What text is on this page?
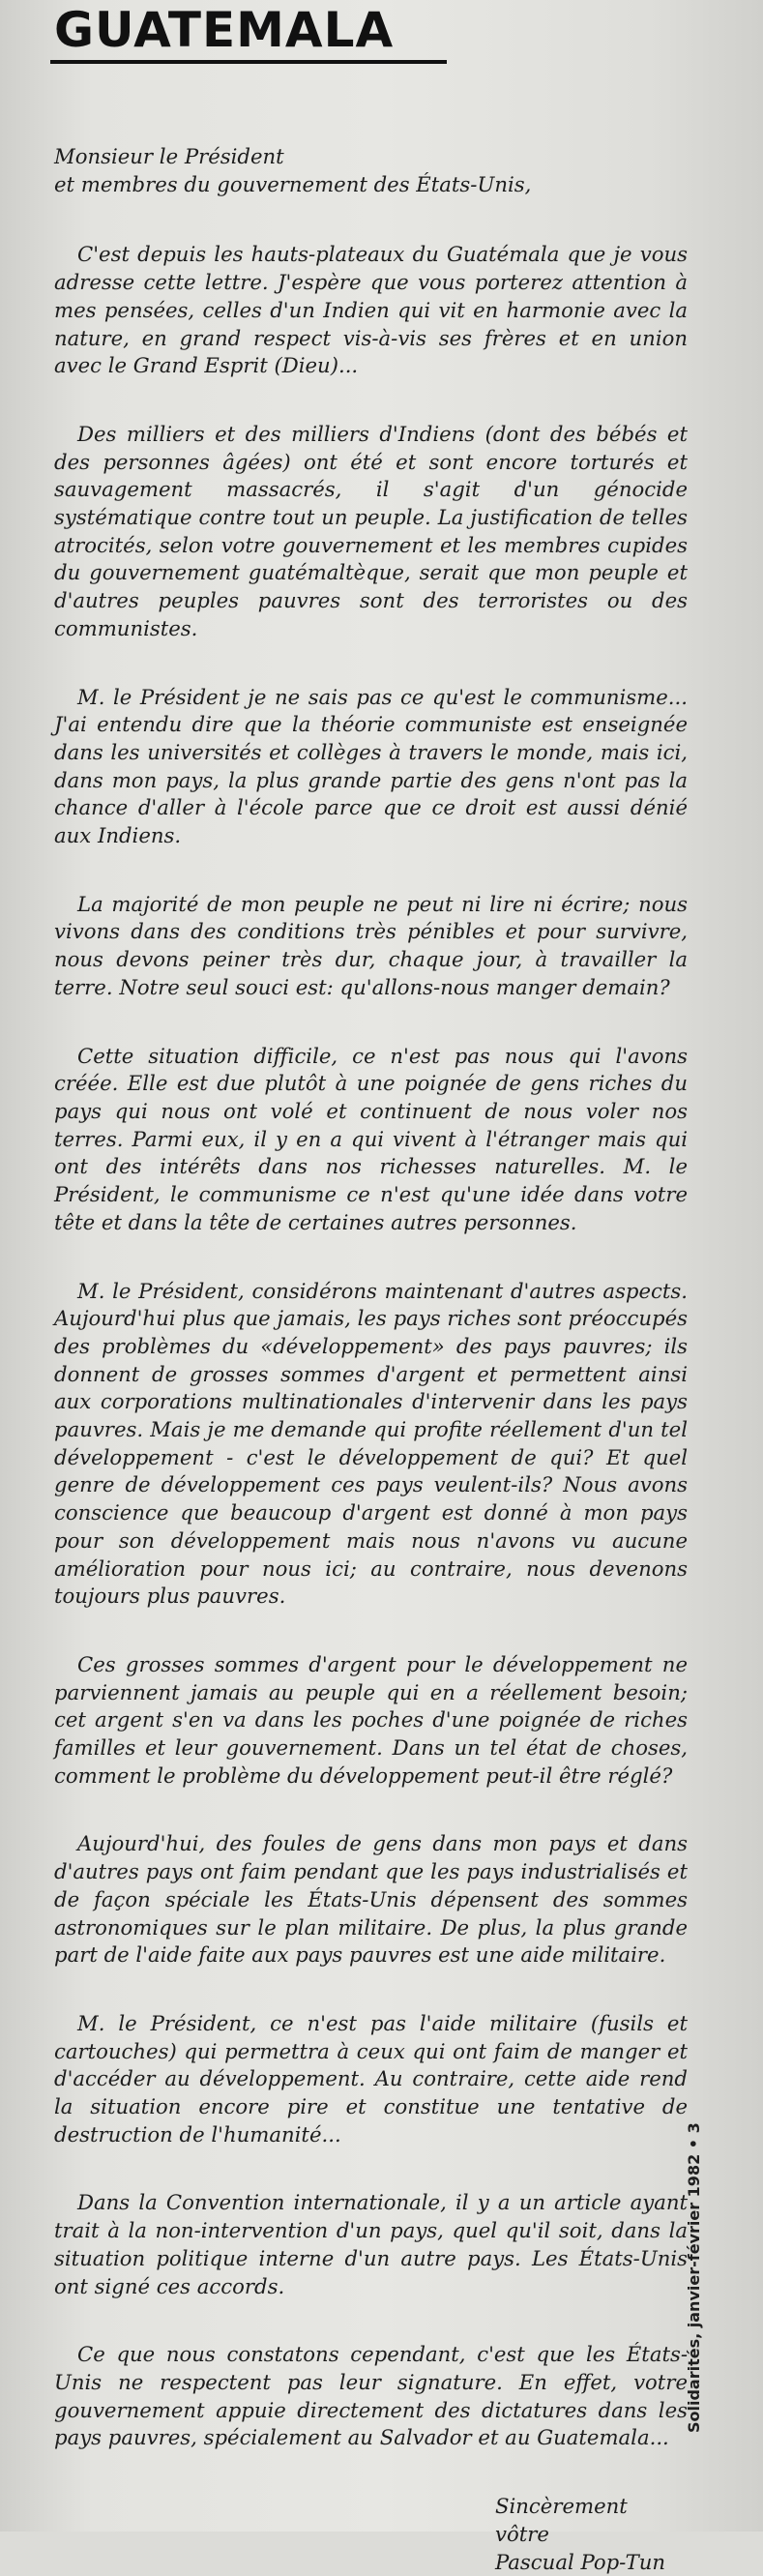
GUATEMALA
Monsieur le Président
et membres du gouvernement des États-Unis,

C'est depuis les hauts-plateaux du Guatémala que je vous adresse cette lettre. J'espère que vous porterez attention à mes pensées, celles d'un Indien qui vit en harmonie avec la nature, en grand respect vis-à-vis ses frères et en union avec le Grand Esprit (Dieu)...

Des milliers et des milliers d'Indiens (dont des bébés et des personnes âgées) ont été et sont encore torturés et sauvagement massacrés, il s'agit d'un génocide systématique contre tout un peuple. La justification de telles atrocités, selon votre gouvernement et les membres cupides du gouvernement guatémaltèque, serait que mon peuple et d'autres peuples pauvres sont des terroristes ou des communistes.

M. le Président je ne sais pas ce qu'est le communisme... J'ai entendu dire que la théorie communiste est enseignée dans les universités et collèges à travers le monde, mais ici, dans mon pays, la plus grande partie des gens n'ont pas la chance d'aller à l'école parce que ce droit est aussi dénié aux Indiens.

La majorité de mon peuple ne peut ni lire ni écrire; nous vivons dans des conditions très pénibles et pour survivre, nous devons peiner très dur, chaque jour, à travailler la terre. Notre seul souci est: qu'allons-nous manger demain?

Cette situation difficile, ce n'est pas nous qui l'avons créée. Elle est due plutôt à une poignée de gens riches du pays qui nous ont volé et continuent de nous voler nos terres. Parmi eux, il y en a qui vivent à l'étranger mais qui ont des intérêts dans nos richesses naturelles. M. le Président, le communisme ce n'est qu'une idée dans votre tête et dans la tête de certaines autres personnes.

M. le Président, considérons maintenant d'autres aspects. Aujourd'hui plus que jamais, les pays riches sont préoccupés des problèmes du «développement» des pays pauvres; ils donnent de grosses sommes d'argent et permettent ainsi aux corporations multinationales d'intervenir dans les pays pauvres. Mais je me demande qui profite réellement d'un tel développement - c'est le développement de qui? Et quel genre de développement ces pays veulent-ils? Nous avons conscience que beaucoup d'argent est donné à mon pays pour son développement mais nous n'avons vu aucune amélioration pour nous ici; au contraire, nous devenons toujours plus pauvres.

Ces grosses sommes d'argent pour le développement ne parviennent jamais au peuple qui en a réellement besoin; cet argent s'en va dans les poches d'une poignée de riches familles et leur gouvernement. Dans un tel état de choses, comment le problème du développement peut-il être réglé?

Aujourd'hui, des foules de gens dans mon pays et dans d'autres pays ont faim pendant que les pays industrialisés et de façon spéciale les États-Unis dépensent des sommes astronomiques sur le plan militaire. De plus, la plus grande part de l'aide faite aux pays pauvres est une aide militaire.

M. le Président, ce n'est pas l'aide militaire (fusils et cartouches) qui permettra à ceux qui ont faim de manger et d'accéder au développement. Au contraire, cette aide rend la situation encore pire et constitue une tentative de destruction de l'humanité...

Dans la Convention internationale, il y a un article ayant trait à la non-intervention d'un pays, quel qu'il soit, dans la situation politique interne d'un autre pays. Les États-Unis ont signé ces accords.

Ce que nous constatons cependant, c'est que les États-Unis ne respectent pas leur signature. En effet, votre gouvernement appuie directement des dictatures dans les pays pauvres, spécialement au Salvador et au Guatemala...

Sincèrement vôtre
Pascual Pop-Tun
Solidarités, janvier-février 1982 • 3
